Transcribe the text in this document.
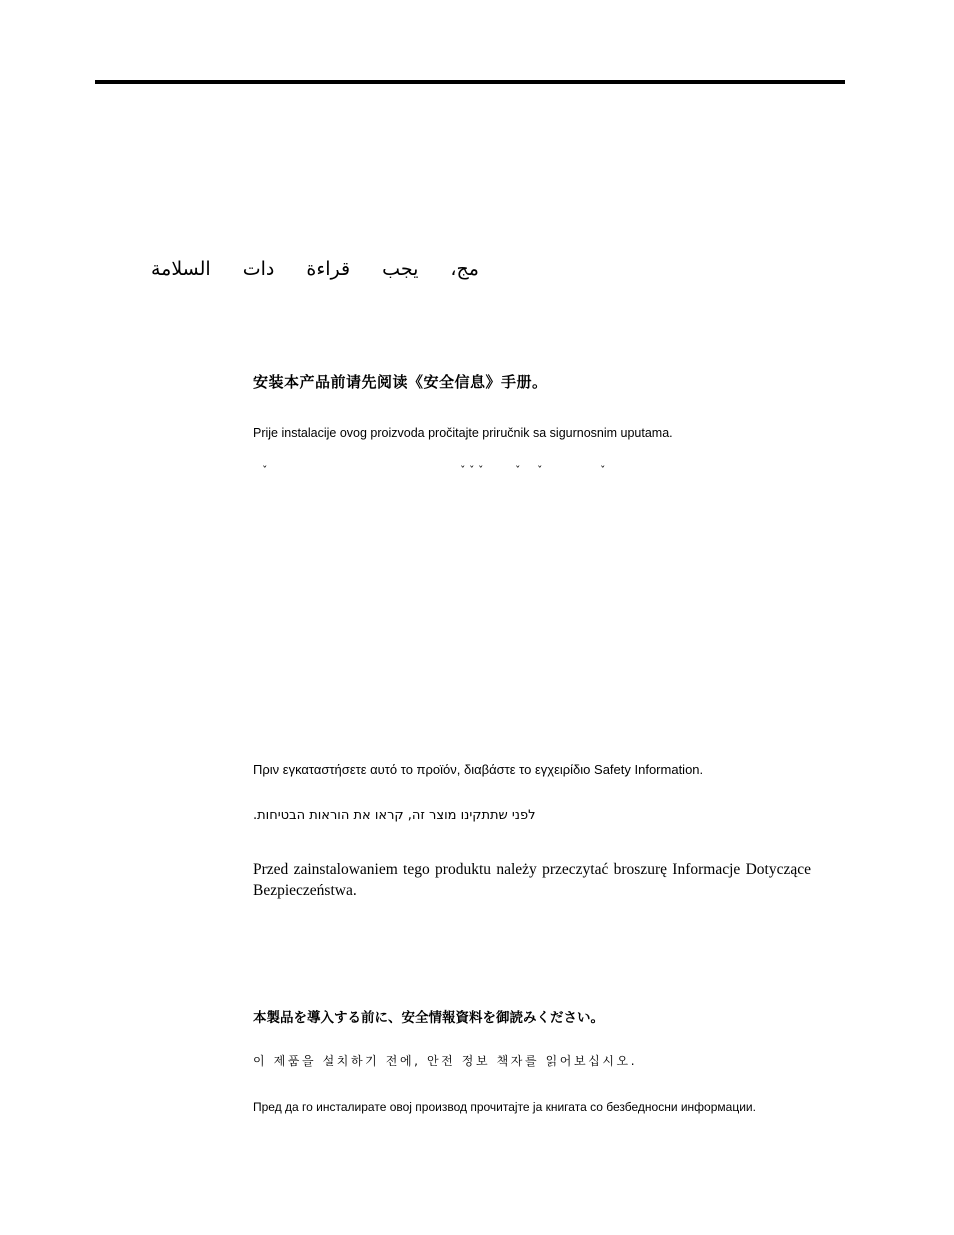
مج، يجب قراءة دات السلامة
安装本产品前请先阅读《安全信息》手册。
Prije instalacije ovog proizvoda pročitajte priručnik sa sigurnosnim uputama.
ˇ	ˇ ˇ ˇ	ˇ ˇ	ˇ
Πριν εγκαταστήσετε αυτό το προϊόν, διαβάστε το εγχειρίδιο Safety Information.
לפני שתתקינו מוצר זה, קראו את הוראות הבטיחות.
Przed zainstalowaniem tego produktu należy przeczytać broszurę Informacje Dotyczące Bezpieczeństwa.
本製品を導入する前に、安全情報資料を御読みください。
이 제품을 설치하기 전에, 안전 정보 책자를 읽어보십시오.
Пред да го инсталирате овој производ прочитајте ја книгата со безбедносни информации.
